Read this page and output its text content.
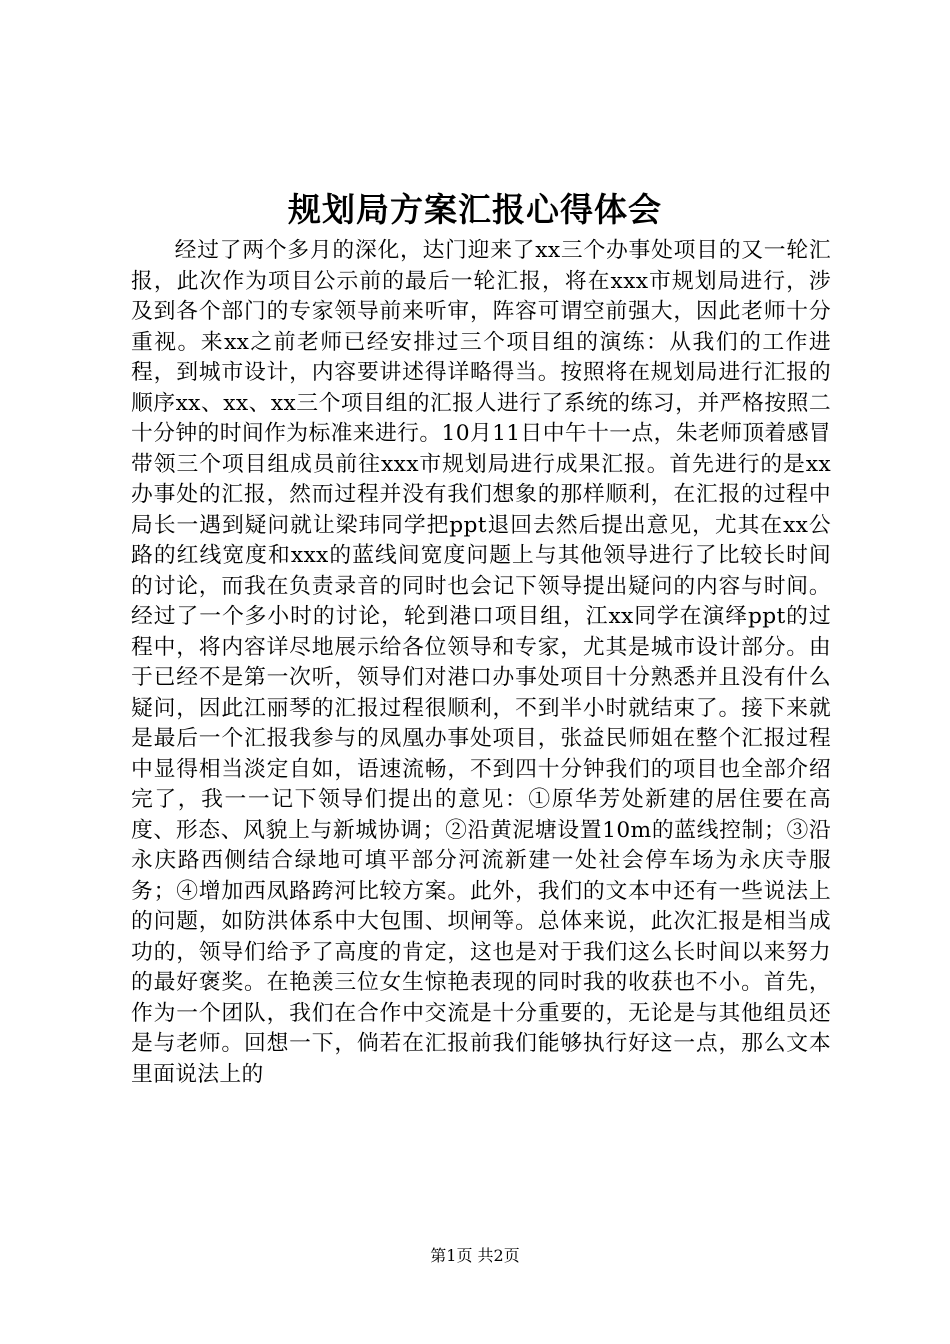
规划局方案汇报心得体会

经过了两个多月的深化，达门迎来了xx三个办事处项目的又一轮汇报，此次作为项目公示前的最后一轮汇报，将在xxx市规划局进行，涉及到各个部门的专家领导前来听审，阵容可谓空前强大，因此老师十分重视。来xx之前老师已经安排过三个项目组的演练：从我们的工作进程，到城市设计，内容要讲述得详略得当。按照将在规划局进行汇报的顺序xx、xx、xx三个项目组的汇报人进行了系统的练习，并严格按照二十分钟的时间作为标准来进行。10月11日中午十一点，朱老师顶着感冒带领三个项目组成员前往xxx市规划局进行成果汇报。首先进行的是xx办事处的汇报，然而过程并没有我们想象的那样顺利，在汇报的过程中局长一遇到疑问就让梁玮同学把ppt退回去然后提出意见，尤其在xx公路的红线宽度和xxx的蓝线间宽度问题上与其他领导进行了比较长时间的讨论，而我在负责录音的同时也会记下领导提出疑问的内容与时间。经过了一个多小时的讨论，轮到港口项目组，江xx同学在演绎ppt的过程中，将内容详尽地展示给各位领导和专家，尤其是城市设计部分。由于已经不是第一次听，领导们对港口办事处项目十分熟悉并且没有什么疑问，因此江丽琴的汇报过程很顺利，不到半小时就结束了。接下来就是最后一个汇报我参与的凤凰办事处项目，张益民师姐在整个汇报过程中显得相当淡定自如，语速流畅，不到四十分钟我们的项目也全部介绍完了，我一一记下领导们提出的意见：①原华芳处新建的居住要在高度、形态、风貌上与新城协调；②沿黄泥塘设置10m的蓝线控制；③沿永庆路西侧结合绿地可填平部分河流新建一处社会停车场为永庆寺服务；④增加西凤路跨河比较方案。此外，我们的文本中还有一些说法上的问题，如防洪体系中大包围、坝闸等。总体来说，此次汇报是相当成功的，领导们给予了高度的肯定，这也是对于我们这么长时间以来努力的最好褒奖。在艳羡三位女生惊艳表现的同时我的收获也不小。首先，作为一个团队，我们在合作中交流是十分重要的，无论是与其他组员还是与老师。回想一下，倘若在汇报前我们能够执行好这一点，那么文本里面说法上的

第1页 共2页
